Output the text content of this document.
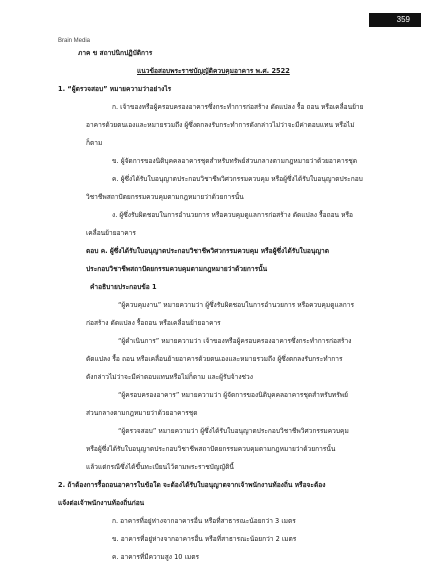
Brain Media
359
ภาค ข สถาปนิกปฏิบัติการ
แนวข้อสอบพระราชบัญญัติควบคุมอาคาร พ.ศ. 2522
1. “ผู้ตรวจสอบ” หมายความว่าอย่างไร
ก. เจ้าของหรือผู้ครอบครองอาคารซึ่งกระทำการก่อสร้าง ดัดแปลง รื้อ ถอน หรือเคลื่อนย้าย
อาคารด้วยตนเองและหมายรวมถึง ผู้ซึ่งตกลงรับกระทำการดังกล่าวไม่ว่าจะมีค่าตอบแทน หรือไม่
ก็ตาม
ข. ผู้จัดการของนิติบุคคลอาคารชุดสำหรับทรัพย์ส่วนกลางตามกฎหมายว่าด้วยอาคารชุด
ค. ผู้ซึ่งได้รับใบอนุญาตประกอบวิชาชีพวิศวกรรมควบคุม หรือผู้ซึ่งได้รับใบอนุญาตประกอบ
วิชาชีพสถาปัตยกรรมควบคุมตามกฎหมายว่าด้วยการนั้น
ง. ผู้ซึ่งรับผิดชอบในการอำนวยการ หรือควบคุมดูแลการก่อสร้าง ดัดแปลง รื้อถอน หรือ
เคลื่อนย้ายอาคาร
ตอบ ค. ผู้ซึ่งได้รับใบอนุญาตประกอบวิชาชีพวิศวกรรมควบคุม หรือผู้ซึ่งได้รับใบอนุญาต
ประกอบวิชาชีพสถาปัตยกรรมควบคุมตามกฎหมายว่าด้วยการนั้น
คำอธิบายประกอบข้อ 1
“ผู้ควบคุมงาน” หมายความว่า ผู้ซึ่งรับผิดชอบในการอำนวยการ หรือควบคุมดูแลการ
ก่อสร้าง ดัดแปลง รื้อถอน หรือเคลื่อนย้ายอาคาร
“ผู้ดำเนินการ” หมายความว่า เจ้าของหรือผู้ครอบครองอาคารซึ่งกระทำการก่อสร้าง
ดัดแปลง รื้อ ถอน หรือเคลื่อนย้ายอาคารด้วยตนเองและหมายรวมถึง ผู้ซึ่งตกลงรับกระทำการ
ดังกล่าวไม่ว่าจะมีค่าตอบแทนหรือไม่ก็ตาม และผู้รับจ้างช่วง
“ผู้ครอบครองอาคาร” หมายความว่า ผู้จัดการของนิติบุคคลอาคารชุดสำหรับทรัพย์
ส่วนกลางตามกฎหมายว่าด้วยอาคารชุด
“ผู้ตรวจสอบ” หมายความว่า ผู้ซึ่งได้รับใบอนุญาตประกอบวิชาชีพวิศวกรรมควบคุม
หรือผู้ซึ่งได้รับใบอนุญาตประกอบวิชาชีพสถาปัตยกรรมควบคุมตามกฎหมายว่าด้วยการนั้น
แล้วแต่กรณีซึ่งได้ขึ้นทะเบียนไว้ตามพระราชบัญญัตินี้
2. ถ้าต้องการรื้อถอนอาคารในข้อใด จะต้องได้รับใบอนุญาตจากเจ้าพนักงานท้องถิ่น หรือจะต้อง
แจ้งต่อเจ้าพนักงานท้องถิ่นก่อน
ก. อาคารที่อยู่ห่างจากอาคารอื่น หรือที่สาธารณะน้อยกว่า 3 เมตร
ข. อาคารที่อยู่ห่างจากอาคารอื่น หรือที่สาธารณะน้อยกว่า 2 เมตร
ค. อาคารที่มีความสูง 10 เมตร
